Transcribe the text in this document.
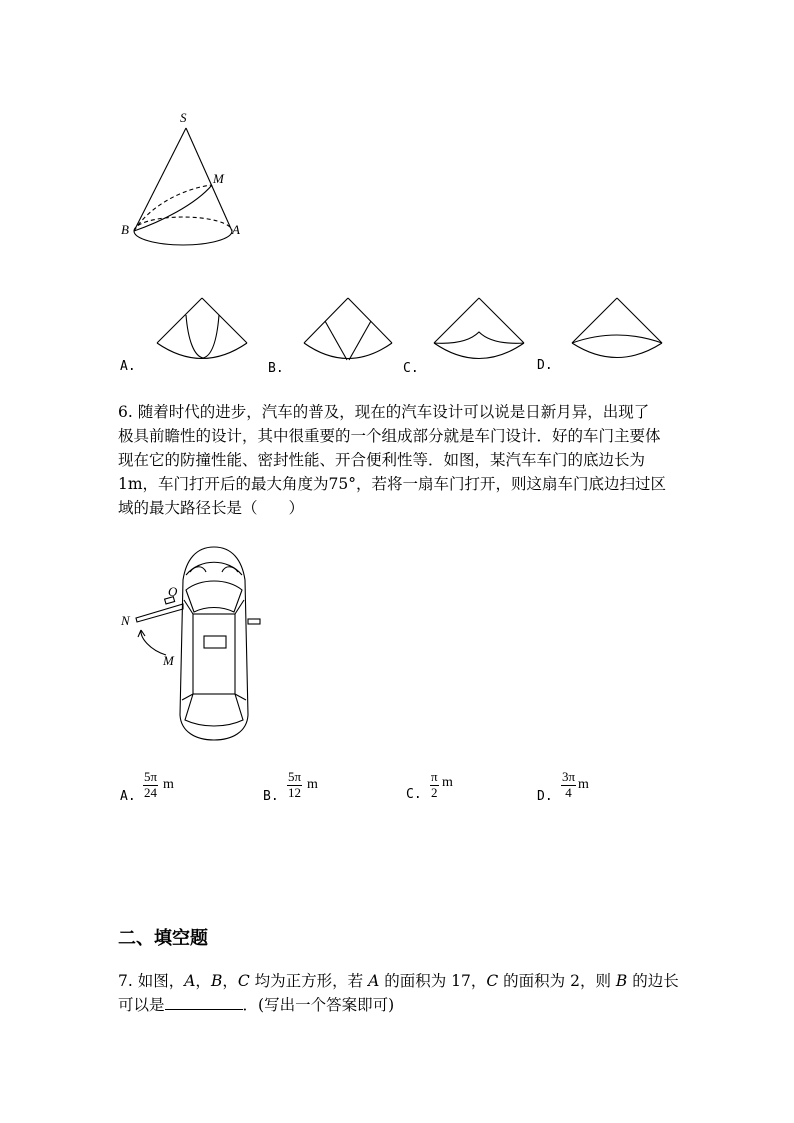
S
M
B	A
A.	B.	C.	D.
6. 随着时代的进步，汽车的普及，现在的汽车设计可以说是日新月异，出现了
极具前瞻性的设计，其中很重要的一个组成部分就是车门设计．好的车门主要体
现在它的防撞性能、密封性能、开合便利性等．如图，某汽车车门的底边长为
1m，车门打开后的最大角度为75°，若将一扇车门打开，则这扇车门底边扫过区
域的最大路径长是（　　）
N
O
M
A. $\frac{5\pi}{24}$ m
B. $\frac{5\pi}{12}$ m
C. $\frac{\pi}{2}$ m
D. $\frac{3\pi}{4}$ m
二、填空题
7. 如图，A，B，C 均为正方形，若 A 的面积为 17，C 的面积为 2，则 B 的边长
可以是	．(写出一个答案即可)
